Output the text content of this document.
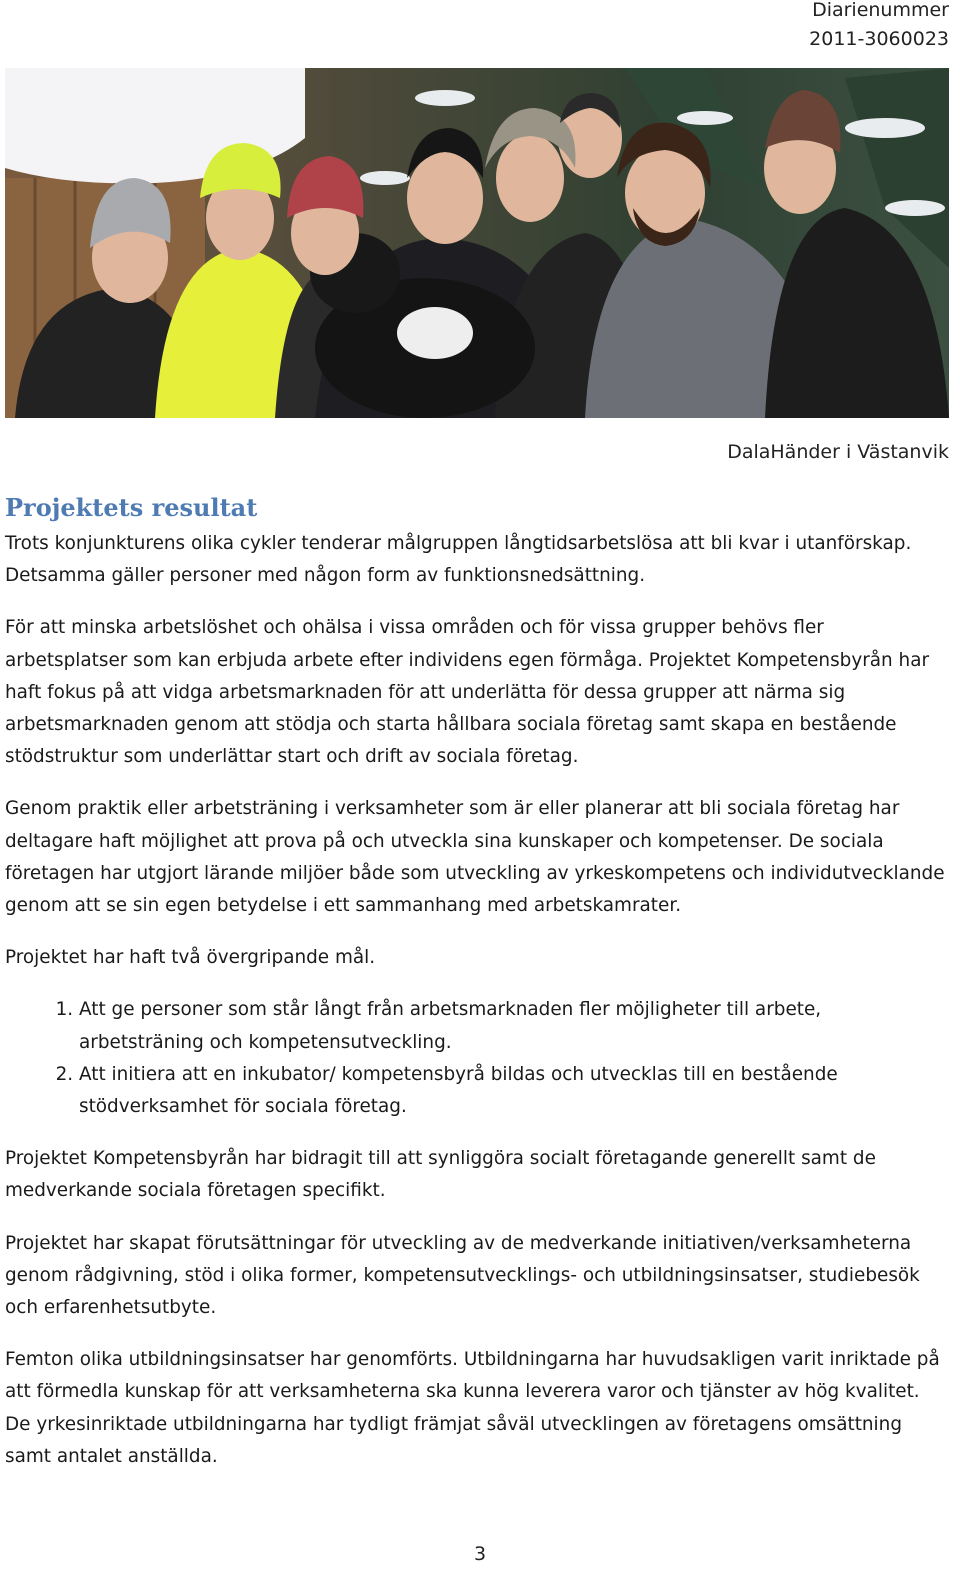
Diarienummer
2011-3060023
DalaHänder i Västanvik
Projektets resultat

Trots konjunkturens olika cykler tenderar målgruppen långtidsarbetslösa att bli kvar i utanförskap. Detsamma gäller personer med någon form av funktionsnedsättning.

För att minska arbetslöshet och ohälsa i vissa områden och för vissa grupper behövs fler arbetsplatser som kan erbjuda arbete efter individens egen förmåga. Projektet Kompetensbyrån har haft fokus på att vidga arbetsmarknaden för att underlätta för dessa grupper att närma sig arbetsmarknaden genom att stödja och starta hållbara sociala företag samt skapa en bestående stödstruktur som underlättar start och drift av sociala företag.

Genom praktik eller arbetsträning i verksamheter som är eller planerar att bli sociala företag har deltagare haft möjlighet att prova på och utveckla sina kunskaper och kompetenser. De sociala företagen har utgjort lärande miljöer både som utveckling av yrkeskompetens och individutvecklande genom att se sin egen betydelse i ett sammanhang med arbetskamrater.

Projektet har haft två övergripande mål.

1. Att ge personer som står långt från arbetsmarknaden fler möjligheter till arbete, arbetsträning och kompetensutveckling.
2. Att initiera att en inkubator/ kompetensbyrå bildas och utvecklas till en bestående stödverksamhet för sociala företag.

Projektet Kompetensbyrån har bidragit till att synliggöra socialt företagande generellt samt de medverkande sociala företagen specifikt.

Projektet har skapat förutsättningar för utveckling av de medverkande initiativen/verksamheterna genom rådgivning, stöd i olika former, kompetensutvecklings- och utbildningsinsatser, studiebesök och erfarenhetsutbyte.

Femton olika utbildningsinsatser har genomförts. Utbildningarna har huvudsakligen varit inriktade på att förmedla kunskap för att verksamheterna ska kunna leverera varor och tjänster av hög kvalitet. De yrkesinriktade utbildningarna har tydligt främjat såväl utvecklingen av företagens omsättning samt antalet anställda.

3
